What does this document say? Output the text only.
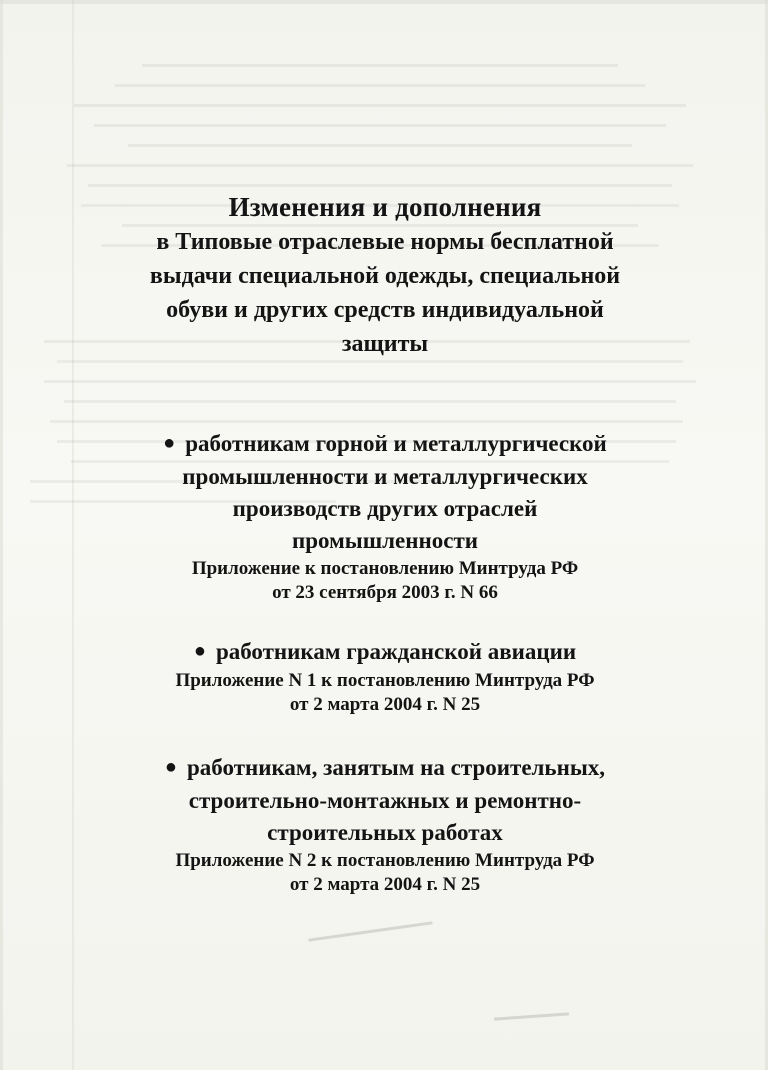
Изменения и дополнения
в Типовые отраслевые нормы бесплатной
выдачи специальной одежды, специальной
обуви и других средств индивидуальной
защиты
● работникам горной и металлургической
промышленности и металлургических
производств других отраслей
промышленности
Приложение к постановлению Минтруда РФ
от 23 сентября 2003 г. N 66
● работникам гражданской авиации
Приложение N 1 к постановлению Минтруда РФ
от 2 марта 2004 г. N 25
● работникам, занятым на строительных,
строительно-монтажных и ремонтно-
строительных работах
Приложение N 2 к постановлению Минтруда РФ
от 2 марта 2004 г. N 25
